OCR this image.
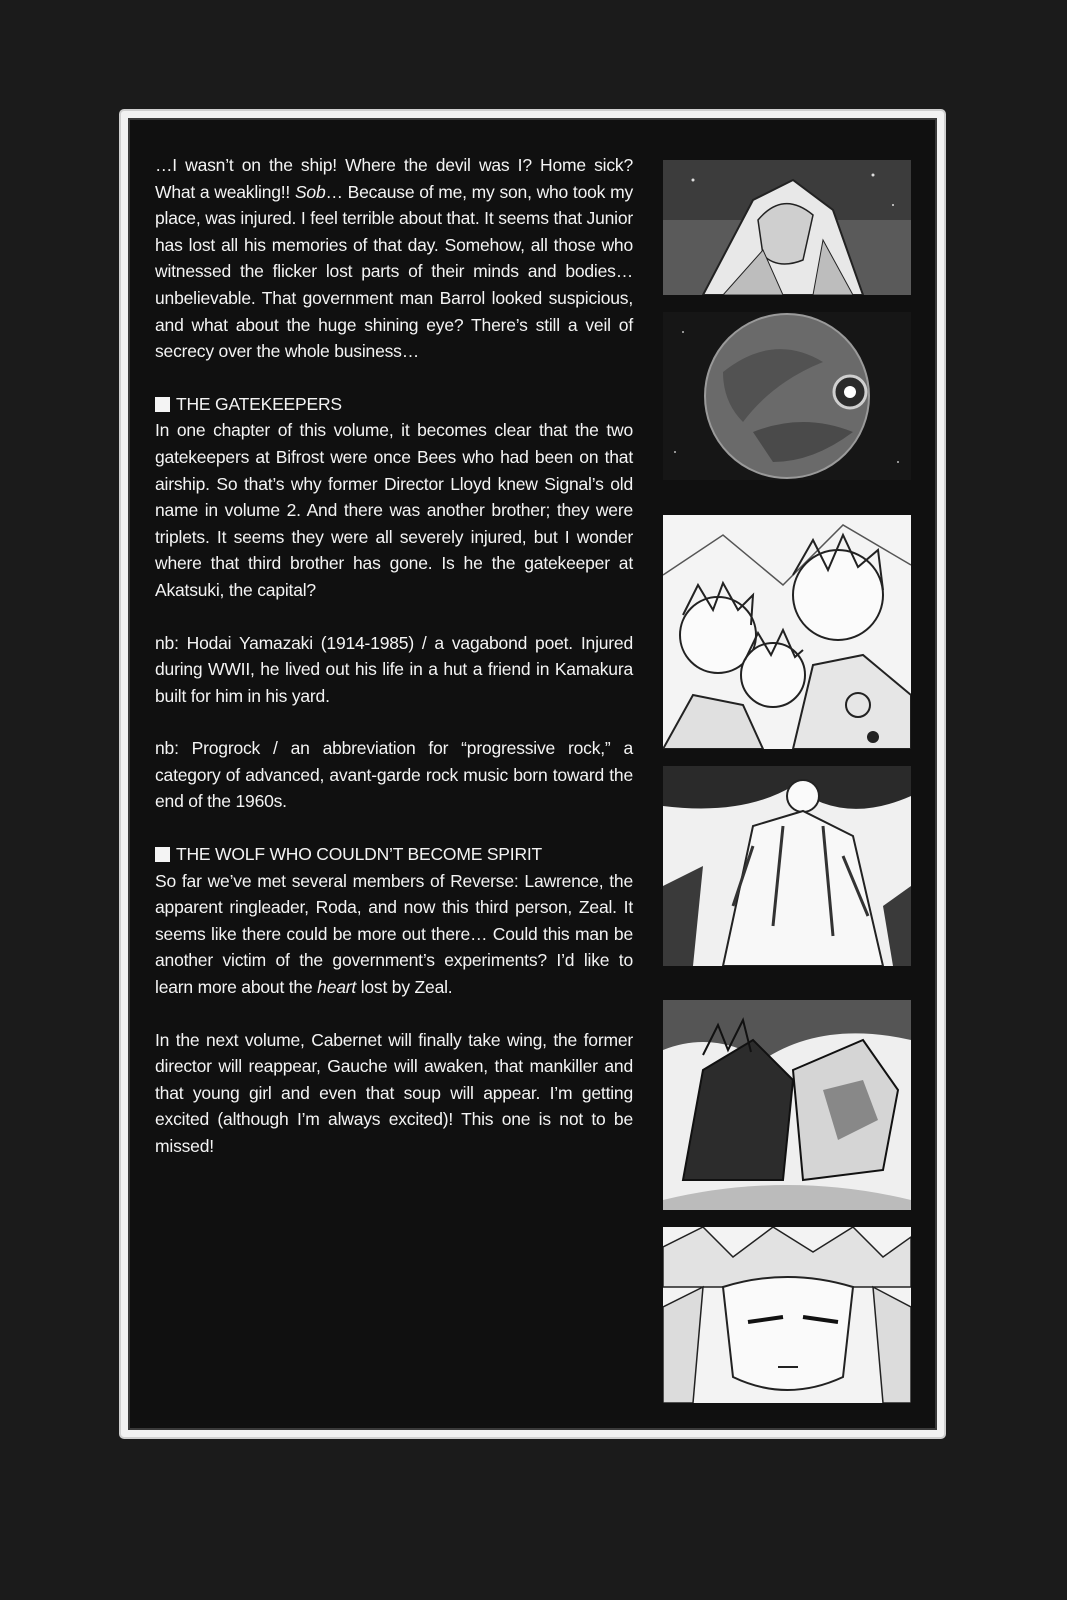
…I wasn’t on the ship! Where the devil was I? Home sick? What a weakling!! Sob… Because of me, my son, who took my place, was injured. I feel terrible about that. It seems that Junior has lost all his memories of that day. Somehow, all those who witnessed the flicker lost parts of their minds and bodies…unbelievable. That government man Barrol looked suspicious, and what about the huge shining eye? There’s still a veil of secrecy over the whole business…

THE GATEKEEPERS

In one chapter of this volume, it becomes clear that the two gatekeepers at Bifrost were once Bees who had been on that airship. So that’s why former Director Lloyd knew Signal’s old name in volume 2. And there was another brother; they were triplets. It seems they were all severely injured, but I wonder where that third brother has gone. Is he the gatekeeper at Akatsuki, the capital?

nb: Hodai Yamazaki (1914-1985) / a vagabond poet. Injured during WWII, he lived out his life in a hut a friend in Kamakura built for him in his yard.

nb: Progrock / an abbreviation for “progressive rock,” a category of advanced, avant-garde rock music born toward the end of the 1960s.

THE WOLF WHO COULDN’T BECOME SPIRIT

So far we’ve met several members of Reverse: Lawrence, the apparent ringleader, Roda, and now this third person, Zeal. It seems like there could be more out there… Could this man be another victim of the government’s experiments? I’d like to learn more about the heart lost by Zeal.

In the next volume, Cabernet will finally take wing, the former director will reappear, Gauche will awaken, that mankiller and that young girl and even that soup will appear. I’m getting excited (although I’m always excited)! This one is not to be missed!
